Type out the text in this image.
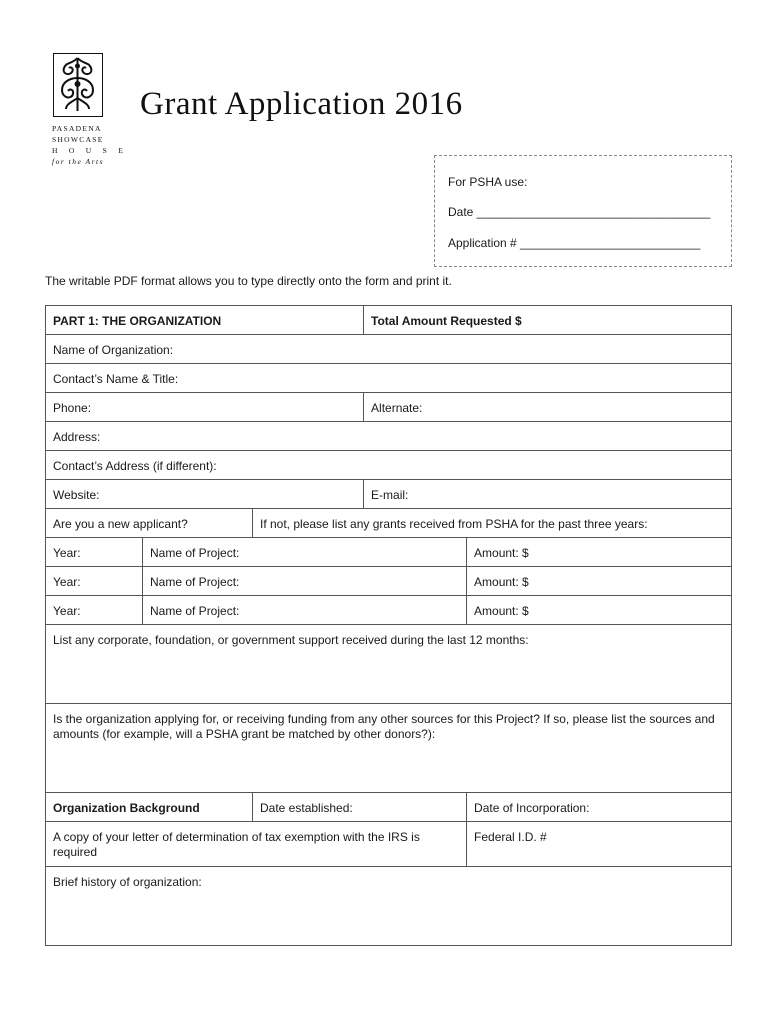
PASADENA
SHOWCASE
H O U S E
for the Arts
Grant Application 2016
For PSHA use:
Date ___________________________________
Application # ___________________________
The writable PDF format allows you to type directly onto the form and print it.
PART 1: THE ORGANIZATION			Total Amount Requested $	
Name of Organization:				
Contact’s Name & Title:				
Phone:			Alternate:	
Address:				
Contact’s Address (if different):				
Website:			E-mail:	
Are you a new applicant?		If not, please list any grants received from PSHA for the past three years:		
Year:	Name of Project:			Amount: $
Year:	Name of Project:			Amount: $
Year:	Name of Project:			Amount: $
List any corporate, foundation, or government support received during the last 12 months:				
Is the organization applying for, or receiving funding from any other sources for this Project? If so, please list the sources and amounts (for example, will a PSHA grant be matched by other donors?):				
Organization Background		Date established:		Date of Incorporation:
A copy of your letter of determination of tax exemption with the IRS is required				Federal I.D. #
Brief history of organization:				
